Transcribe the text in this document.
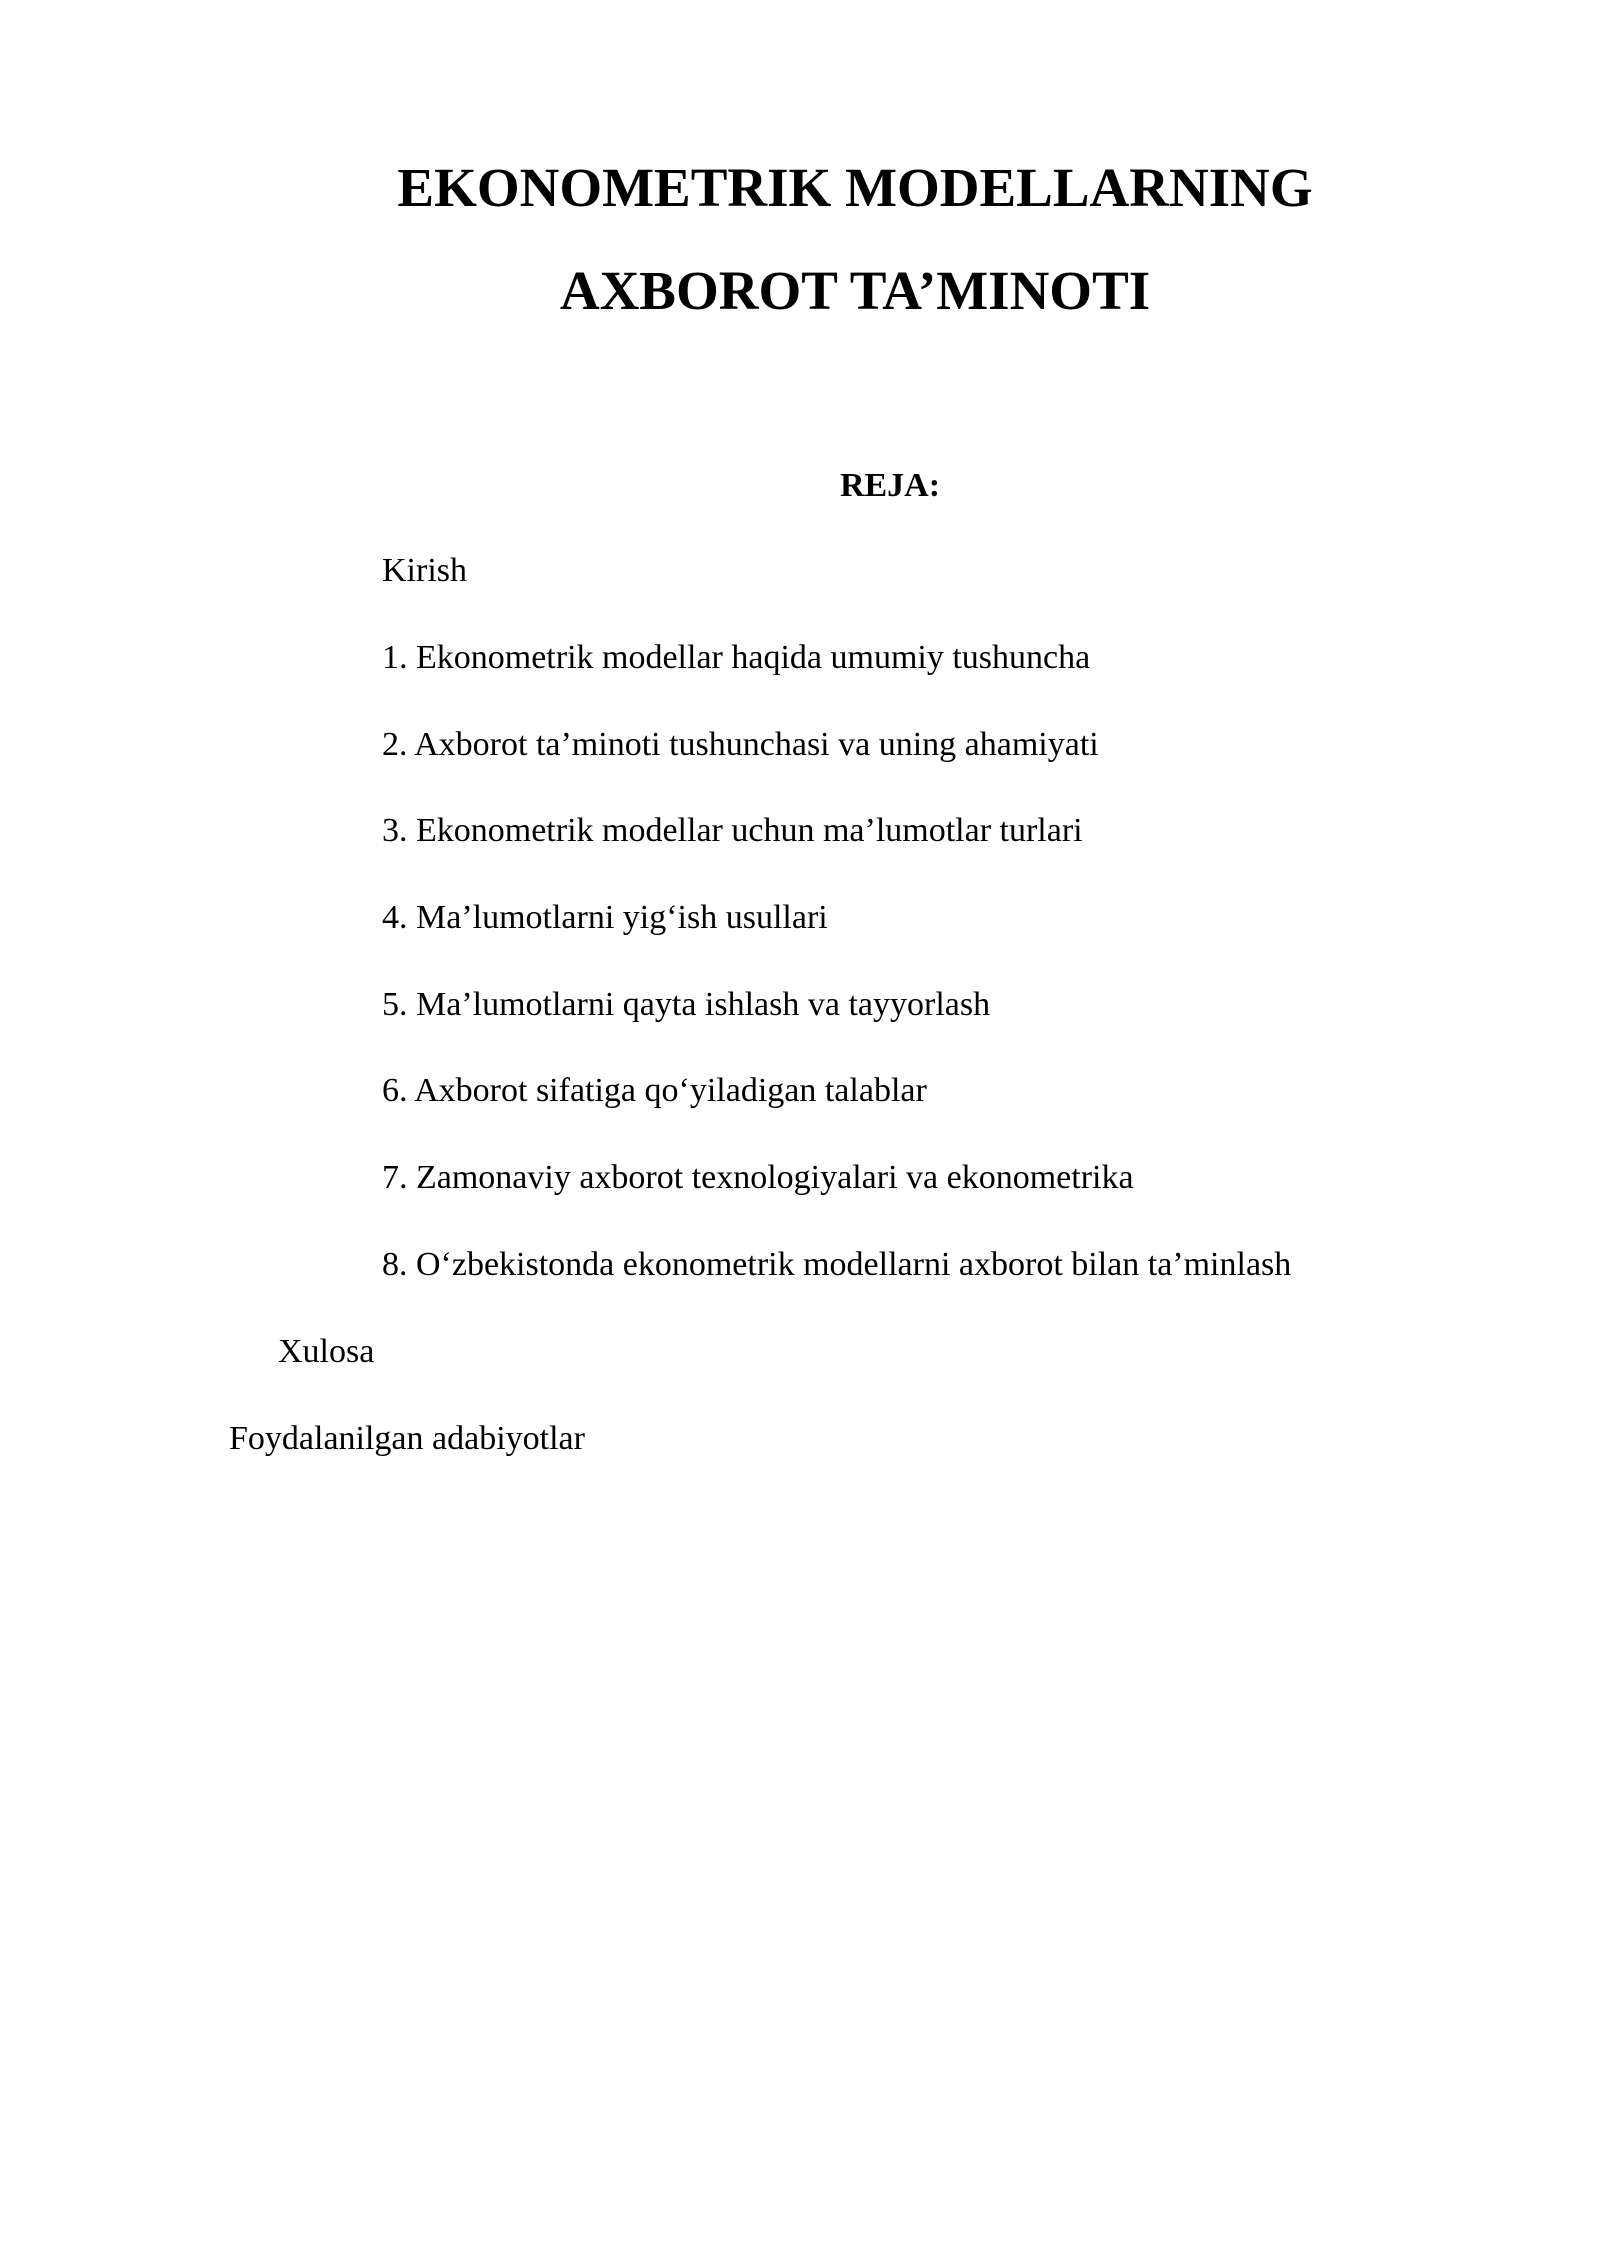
EKONOMETRIK MODELLARNING
AXBOROT TA’MINOTI
REJA:
Kirish
1. Ekonometrik modellar haqida umumiy tushuncha
2. Axborot ta’minoti tushunchasi va uning ahamiyati
3. Ekonometrik modellar uchun ma’lumotlar turlari
4. Ma’lumotlarni yig‘ish usullari
5. Ma’lumotlarni qayta ishlash va tayyorlash
6. Axborot sifatiga qo‘yiladigan talablar
7. Zamonaviy axborot texnologiyalari va ekonometrika
8. O‘zbekistonda ekonometrik modellarni axborot bilan ta’minlash
Xulosa
Foydalanilgan adabiyotlar
